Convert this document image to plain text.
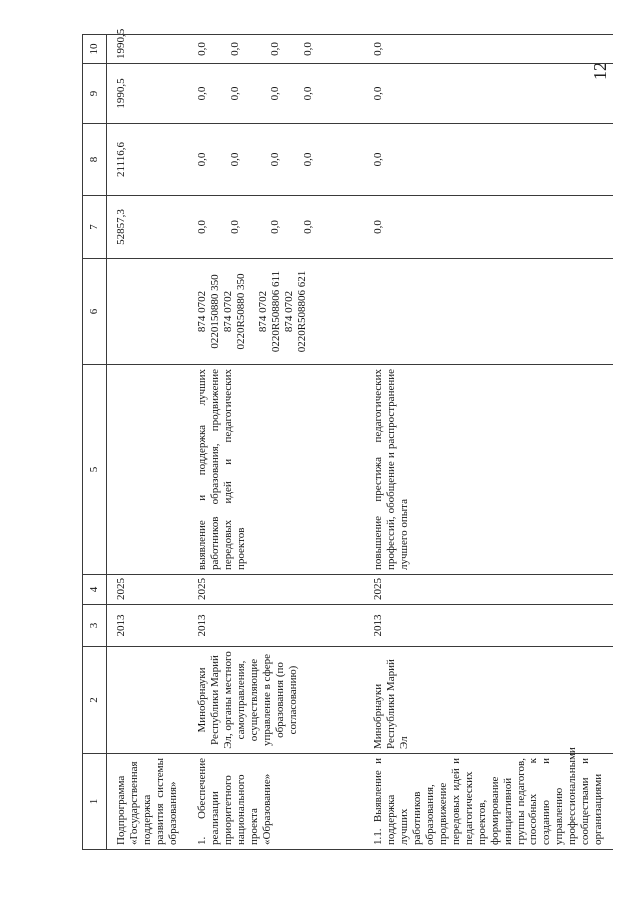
12
1	2	3	4	5	6	7	8	9	10
Подпрограмма «Государственная поддержка развития системы образования»		2013	2025			52857,3	21116,6	1990,5	1990,5
1. Обеспечение реализации приоритетного национального проекта «Образование»	Минобрнауки Республики Марий Эл, органы местного самоуправления, осуществляющие управление в сфере образования (по согласованию)	2013	2025	выявление и поддержка лучших работников образования, продвижение передовых идей и педагогических проектов	874 0702 0220150880 350 874 0702 0220R50880 350 874 0702 0220R508806 611 874 0702 0220R508806 621	0,0 0,0 0,0 0,0	0,0 0,0 0,0 0,0	0,0 0,0 0,0 0,0	0,0 0,0 0,0 0,0

1.1. Выявление и поддержка лучших работников образования, продвижение передовых идей и педагогических проектов, формирование инициативной группы педагогов, способных к созданию и управлению профессиональными сообществами и организациями	Минобрнауки Республики Марий Эл	2013	2025	повышение престижа педагогических профессий, обобщение и распространение лучшего опыта		0,0	0,0	0,0	0,0
